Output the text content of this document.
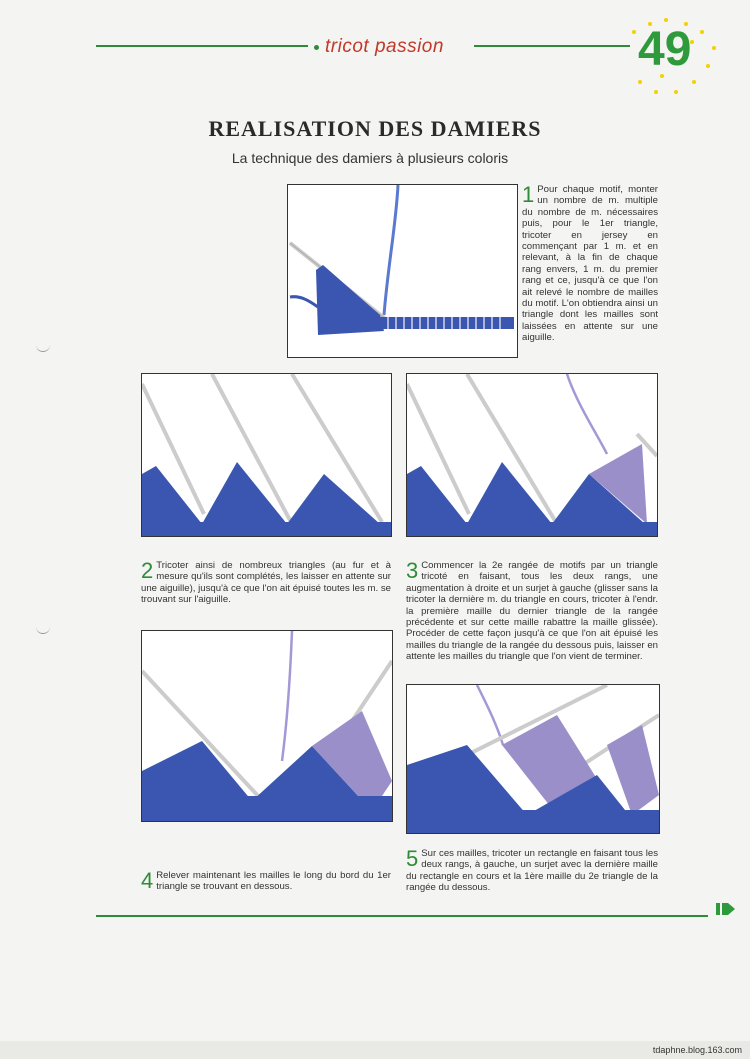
tricot passion	49
REALISATION DES DAMIERS
La technique des damiers à plusieurs coloris
1 Pour chaque motif, monter un nombre de m. multiple du nombre de m. nécessaires puis, pour le 1er triangle, tricoter en jersey en commençant par 1 m. et en relevant, à la fin de chaque rang envers, 1 m. du premier rang et ce, jusqu'à ce que l'on ait relevé le nombre de mailles du motif. L'on obtiendra ainsi un triangle dont les mailles sont laissées en attente sur une aiguille.
2 Tricoter ainsi de nombreux triangles (au fur et à mesure qu'ils sont complétés, les laisser en attente sur une aiguille), jusqu'à ce que l'on ait épuisé toutes les m. se trouvant sur l'aiguille.
3 Commencer la 2e rangée de motifs par un triangle tricoté en faisant, tous les deux rangs, une augmentation à droite et un surjet à gauche (glisser sans la tricoter la dernière m. du triangle en cours, tricoter à l'endr. la première maille du dernier triangle de la rangée précédente et sur cette maille rabattre la maille glissée). Procéder de cette façon jusqu'à ce que l'on ait épuisé les mailles du triangle de la rangée du dessous puis, laisser en attente les mailles du triangle que l'on vient de terminer.
4 Relever maintenant les mailles le long du bord du 1er triangle se trouvant en dessous.
5 Sur ces mailles, tricoter un rectangle en faisant tous les deux rangs, à gauche, un surjet avec la dernière maille du rectangle en cours et la 1ère maille du 2e triangle de la rangée du dessous.
tdaphne.blog.163.com
